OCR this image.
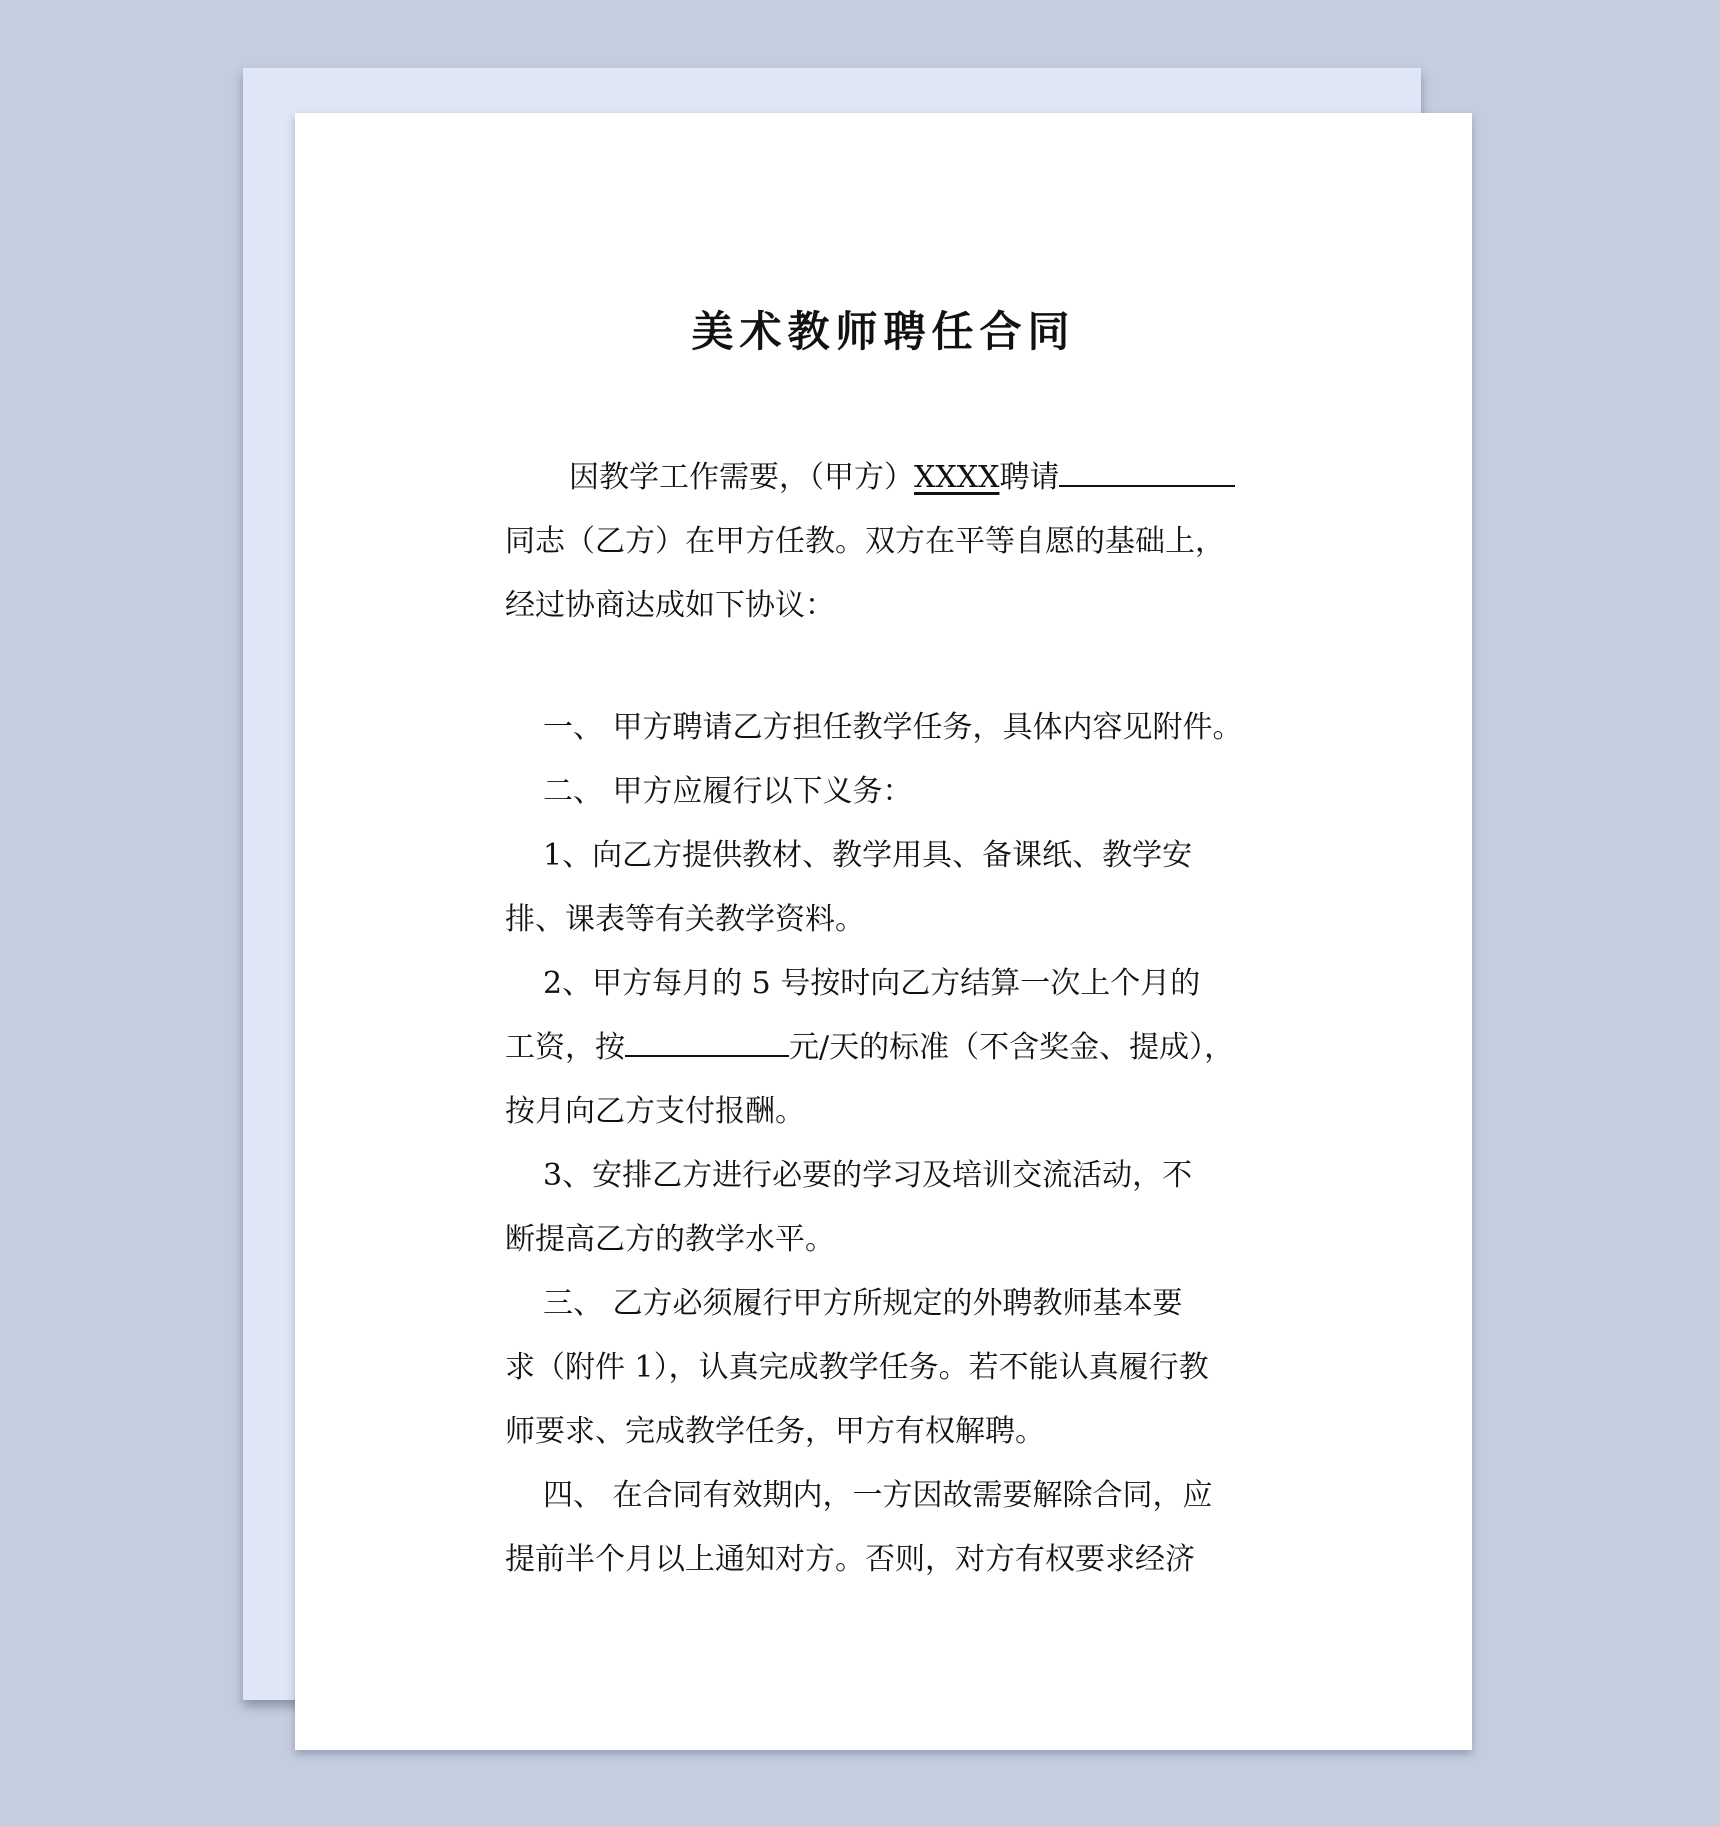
美术教师聘任合同
因教学工作需要，（甲方）XXXX聘请
同志（乙方）在甲方任教。双方在平等自愿的基础上，
经过协商达成如下协议：
一、 甲方聘请乙方担任教学任务，具体内容见附件。
二、 甲方应履行以下义务：
1、向乙方提供教材、教学用具、备课纸、教学安
排、课表等有关教学资料。
2、甲方每月的 5 号按时向乙方结算一次上个月的
工资，按	元/天的标准（不含奖金、提成），
按月向乙方支付报酬。
3、安排乙方进行必要的学习及培训交流活动，不
断提高乙方的教学水平。
三、 乙方必须履行甲方所规定的外聘教师基本要
求（附件 1），认真完成教学任务。若不能认真履行教
师要求、完成教学任务，甲方有权解聘。
四、 在合同有效期内，一方因故需要解除合同，应
提前半个月以上通知对方。否则，对方有权要求经济
